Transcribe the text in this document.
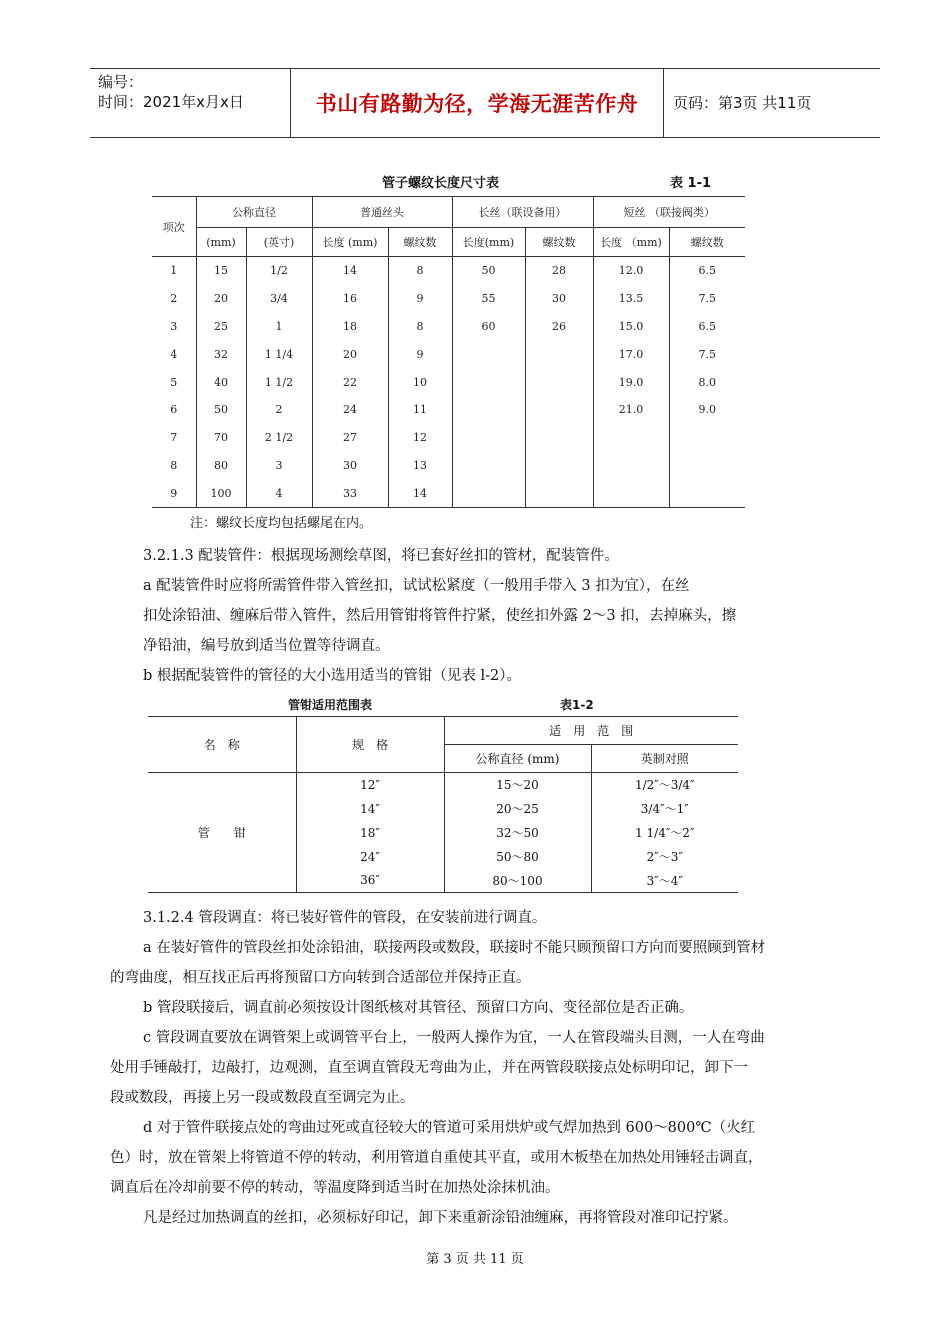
编号：
时间：2021年x月x日	书山有路勤为径，学海无涯苦作舟 页码：第3页 共11页
管子螺纹长度尺寸表	表 1-1
项次	公称直径		普通丝头		长丝（联设备用）		短丝 （联接阀类）	
	(mm)	(英寸)	长度 (mm)	螺纹数	长度(mm)	螺纹数	长度 （mm)	螺纹数
1	15	1/2	14	8	50	28	12.0	6.5
2	20	3/4	16	9	55	30	13.5	7.5
3	25	1	18	8	60	26	15.0	6.5
4	32	1 1/4	20	9			17.0	7.5
5	40	1 1/2	22	10			19.0	8.0
6	50	2	24	11			21.0	9.0
7	70	2 1/2	27	12				
8	80	3	30	13				
9	100	4	33	14				
注：螺纹长度均包括螺尾在内。
3.2.1.3 配装管件：根据现场测绘草图，将已套好丝扣的管材，配装管件。
a 配装管件时应将所需管件带入管丝扣，试试松紧度（一般用手带入 3 扣为宜），在丝
扣处涂铅油、缠麻后带入管件，然后用管钳将管件拧紧，使丝扣外露 2～3 扣，去掉麻头，擦
净铅油，编号放到适当位置等待调直。
b 根据配装管件的管径的大小选用适当的管钳（见表 l-2）。
管钳适用范围表	表1-2
名　称	规　格	适　用　范　围	
		公称直径 (mm)	英制对照
管　　钳	12″	15～20	1/2″～3/4″
	14″	20～25	3/4″～1″
	18″	32～50	1 1/4″～2″
	24″	50～80	2″～3″
	36″	80～100	3″～4″
3.1.2.4 管段调直：将已装好管件的管段，在安装前进行调直。
a 在装好管件的管段丝扣处涂铅油，联接两段或数段，联接时不能只顾预留口方向而要照顾到管材
的弯曲度，相互找正后再将预留口方向转到合适部位并保持正直。
b 管段联接后，调直前必须按设计图纸核对其管径、预留口方向、变径部位是否正确。
c 管段调直要放在调管架上或调管平台上，一般两人操作为宜，一人在管段端头目测，一人在弯曲
处用手锤敲打，边敲打，边观测，直至调直管段无弯曲为止，并在两管段联接点处标明印记，卸下一
段或数段，再接上另一段或数段直至调完为止。
d 对于管件联接点处的弯曲过死或直径较大的管道可采用烘炉或气焊加热到 600～800℃（火红
色）时，放在管架上将管道不停的转动，利用管道自重使其平直，或用木板垫在加热处用锤轻击调直，
调直后在冷却前要不停的转动，等温度降到适当时在加热处涂抹机油。
凡是经过加热调直的丝扣，必须标好印记，卸下来重新涂铅油缠麻，再将管段对准印记拧紧。
第 3 页 共 11 页
